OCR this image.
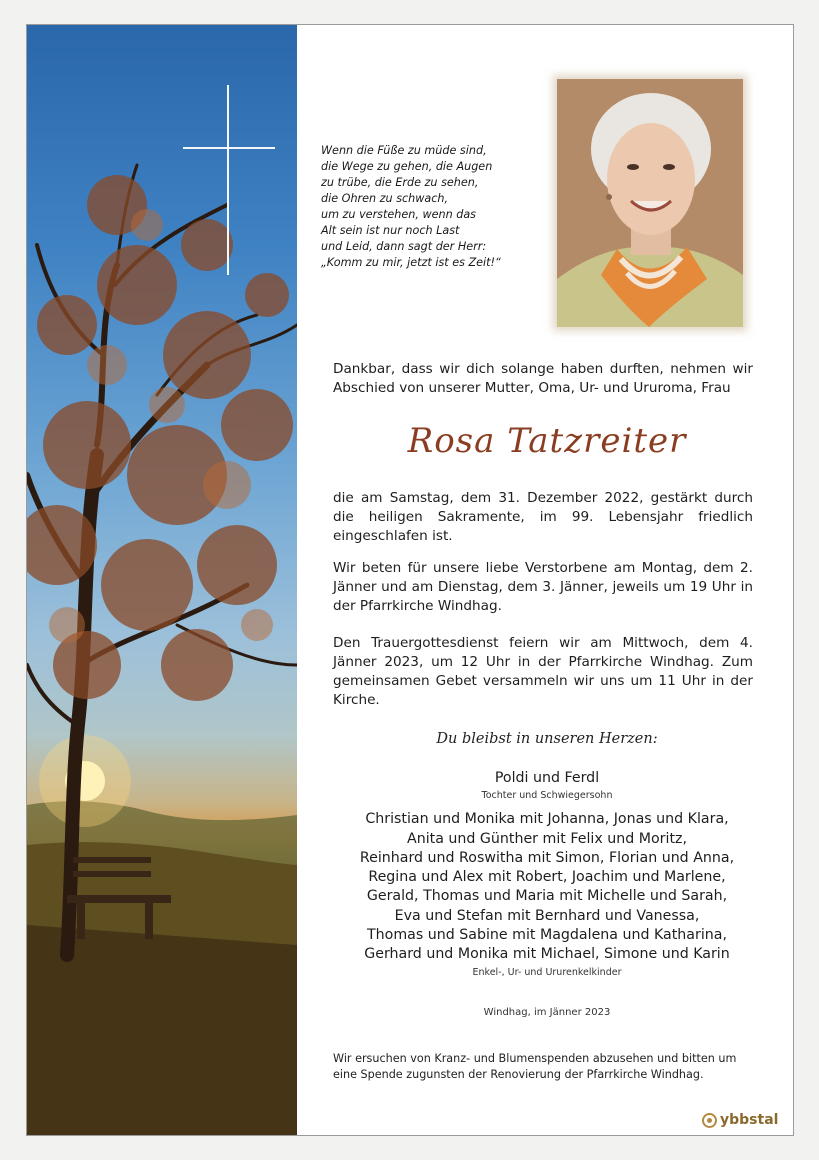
Wenn die Füße zu müde sind,
die Wege zu gehen, die Augen
zu trübe, die Erde zu sehen,
die Ohren zu schwach,
um zu verstehen, wenn das
Alt sein ist nur noch Last
und Leid, dann sagt der Herr:
„Komm zu mir, jetzt ist es Zeit!“
Dankbar, dass wir dich solange haben durften, nehmen wir Abschied von unserer Mutter, Oma, Ur- und Ururoma, Frau
Rosa Tatzreiter
die am Samstag, dem 31. Dezember 2022, gestärkt durch die heiligen Sakramente, im 99. Lebensjahr friedlich eingeschlafen ist.
Wir beten für unsere liebe Verstorbene am Montag, dem 2. Jänner und am Dienstag, dem 3. Jänner, jeweils um 19 Uhr in der Pfarrkirche Windhag.
Den Trauergottesdienst feiern wir am Mittwoch, dem 4. Jänner 2023, um 12 Uhr in der Pfarrkirche Windhag. Zum gemeinsamen Gebet versammeln wir uns um 11 Uhr in der Kirche.
Du bleibst in unseren Herzen:
Poldi und Ferdl
Tochter und Schwiegersohn
Christian und Monika mit Johanna, Jonas und Klara,
Anita und Günther mit Felix und Moritz,
Reinhard und Roswitha mit Simon, Florian und Anna,
Regina und Alex mit Robert, Joachim und Marlene,
Gerald, Thomas und Maria mit Michelle und Sarah,
Eva und Stefan mit Bernhard und Vanessa,
Thomas und Sabine mit Magdalena und Katharina,
Gerhard und Monika mit Michael, Simone und Karin
Enkel-, Ur- und Ururenkelkinder
Windhag, im Jänner 2023
Wir ersuchen von Kranz- und Blumenspenden abzusehen und bitten um eine Spende zugunsten der Renovierung der Pfarrkirche Windhag.
ybbstal
